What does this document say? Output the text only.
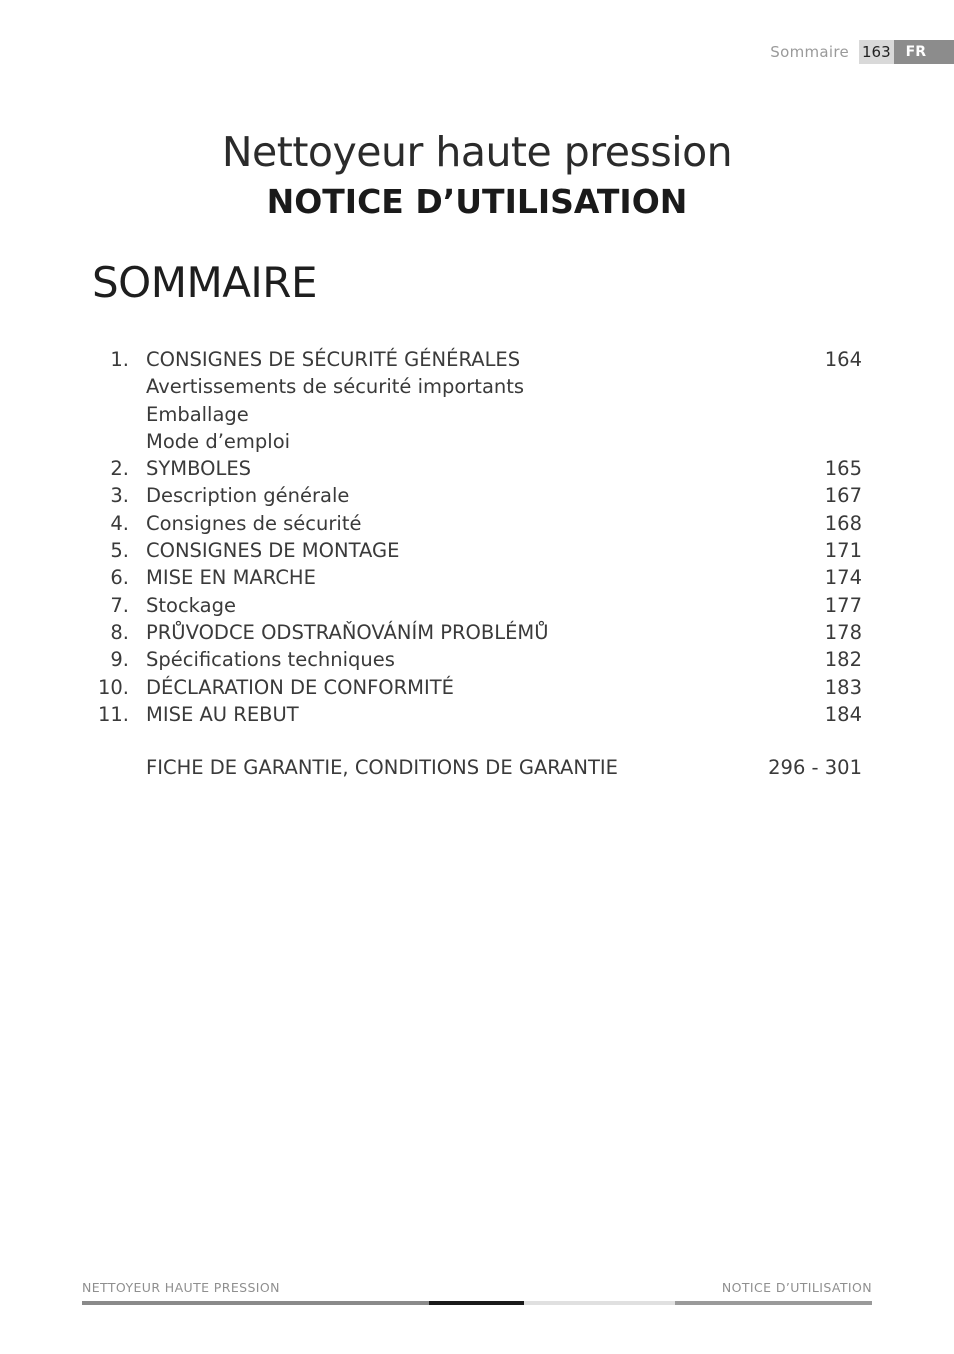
Sommaire 163	FR
Nettoyeur haute pression
NOTICE D’UTILISATION
SOMMAIRE
1. CONSIGNES DE SÉCURITÉ GÉNÉRALES	164
Avertissements de sécurité importants
Emballage
Mode d’emploi
2. SYMBOLES	165
3. Description générale	167
4. Consignes de sécurité	168
5. CONSIGNES DE MONTAGE	171
6. MISE EN MARCHE	174
7. Stockage	177
8. PRŮVODCE ODSTRAŇOVÁNÍM PROBLÉMŮ	178
9. Spécifications techniques	182
10. DÉCLARATION DE CONFORMITÉ	183
11. MISE AU REBUT	184
FICHE DE GARANTIE, CONDITIONS DE GARANTIE	296 - 301
NETTOYEUR HAUTE PRESSION	NOTICE D’UTILISATION
